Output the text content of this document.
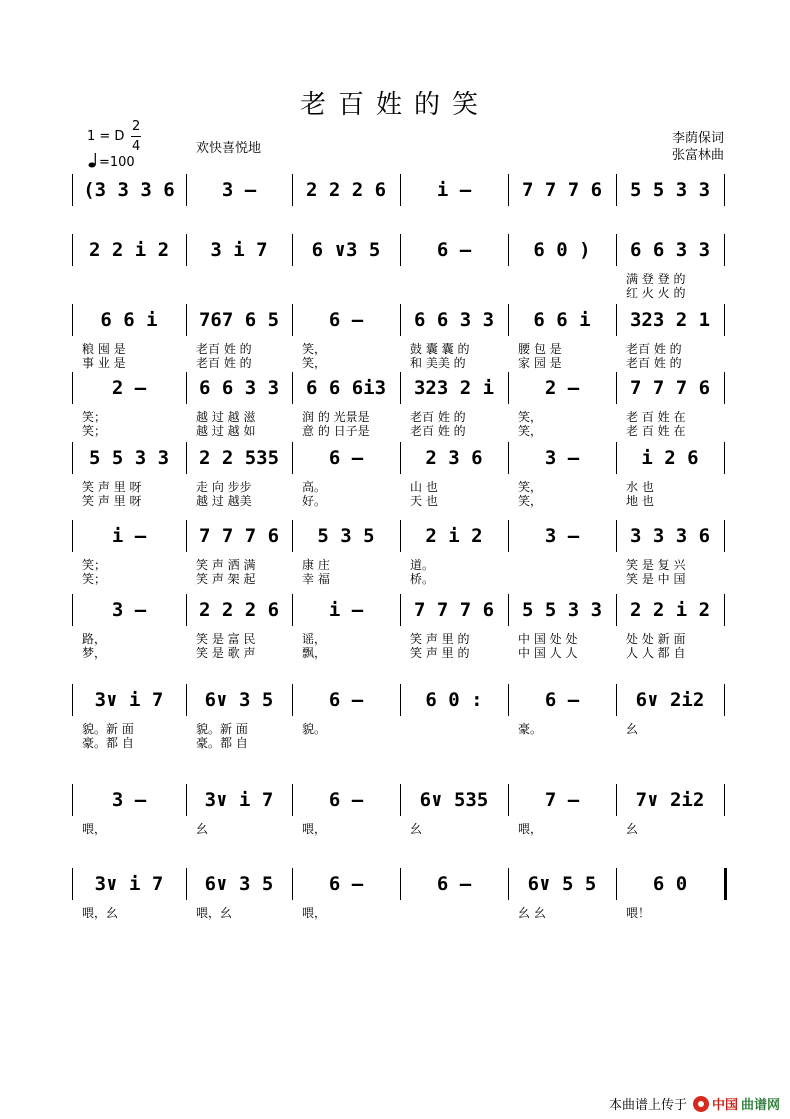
老百姓的笑
1 = D
2
4
=100
欢快喜悦地
李荫保词
张富林曲
(3 3 3 6	3 –	2 2 2 6	i –	7 7 7 6	5 5 3 3
2 2 i 2	3 i 7	6 ∨3 5	6 –	6 0 )	6 6 3 3
满 登 登 的
红 火 火 的
6 6 i
粮 囤 是
事 业 是
767 6 5
老百 姓 的
老百 姓 的
6 –
笑，
笑，
6 6 3 3
鼓 囊 囊 的
和 美美 的
6 6 i
腰 包 是
家 园 是
323 2 1
老百 姓 的
老百 姓 的
2 –
笑；
笑；
6 6 3 3
越 过 越 滋
越 过 越 如
6 6 6i3
润 的 光景是
意 的 日子是
323 2 i
老百 姓 的
老百 姓 的
2 –
笑，
笑，
7 7 7 6
老 百 姓 在
老 百 姓 在
5 5 3 3
笑 声 里 呀
笑 声 里 呀
2 2 535
走 向 步步
越 过 越美
6 –
高。
好。
2 3 6
山 也
天 也
3 –
笑，
笑，
i 2 6
水 也
地 也
i –
笑；
笑；
7 7 7 6
笑 声 洒 满
笑 声 架 起
5 3 5
康 庄
幸 福
2 i 2
道。
桥。
3 –	3 3 3 6
笑 是 复 兴
笑 是 中 国
3 –
路，
梦，
2 2 2 6
笑 是 富 民
笑 是 歌 声
i –
谣，
飘，
7 7 7 6
笑 声 里 的
笑 声 里 的
5 5 3 3
中 国 处 处
中 国 人 人
2 2 i 2
处 处 新 面
人 人 都 自
3∨ i 7
貌。新 面
豪。都 自
6∨ 3 5
貌。新 面
豪。都 自
6 –
貌。
6 0 :	6 –
豪。
6∨ 2i2
幺
3 –
喂，
3∨ i 7
幺
6 –
喂，
6∨ 535
幺
7 –
喂，
7∨ 2i2
幺
3∨ i 7
喂，幺
6∨ 3 5
喂，幺
6 –
喂，
6 –	6∨ 5 5
幺 幺
6 0
喂！
本曲谱上传于 中国 曲谱网
